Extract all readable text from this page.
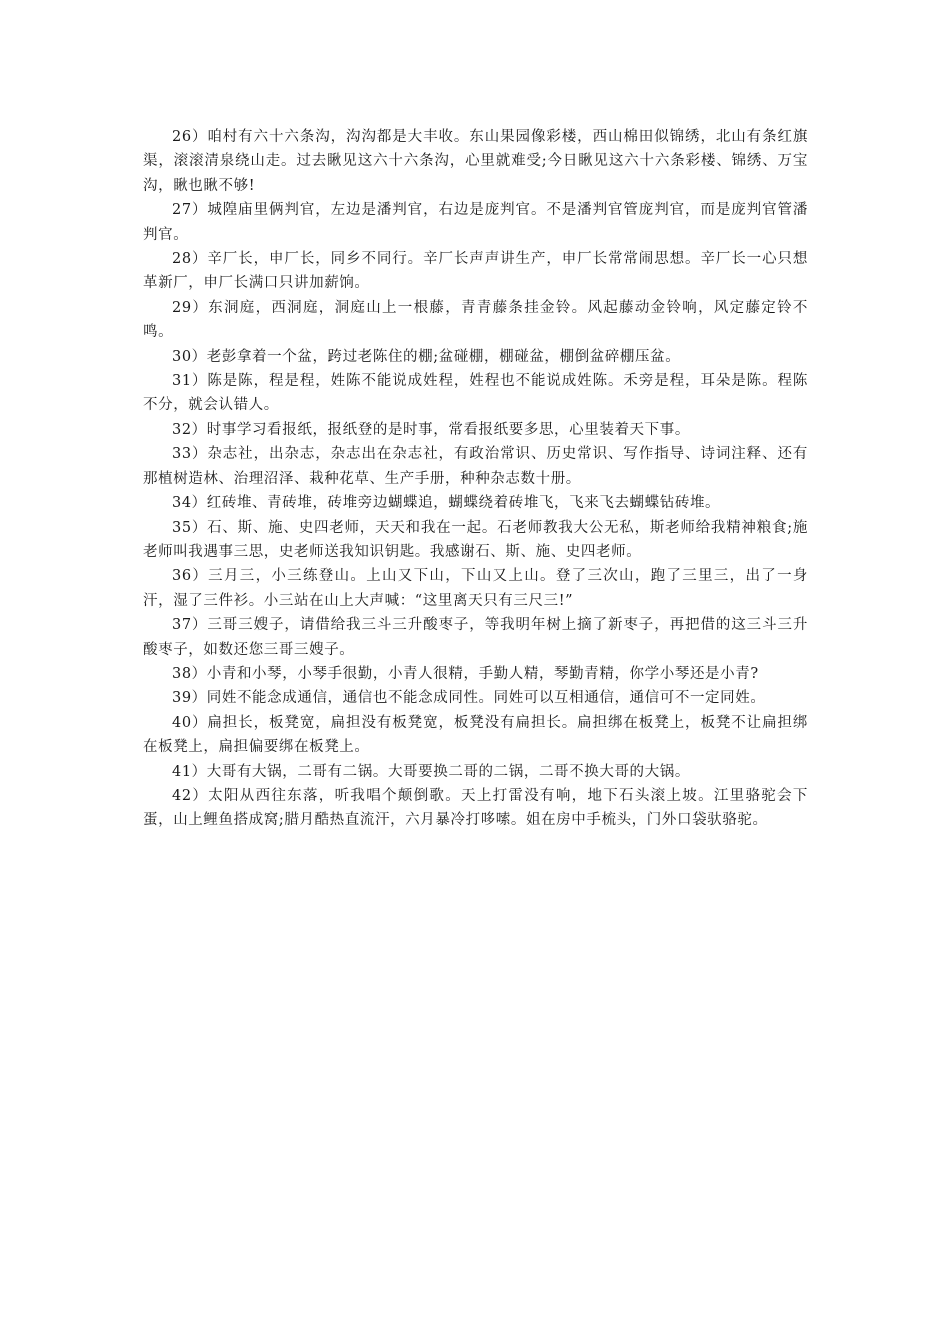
26）咱村有六十六条沟，沟沟都是大丰收。东山果园像彩楼，西山棉田似锦绣，北山有条红旗渠，滚滚清泉绕山走。过去瞅见这六十六条沟，心里就难受;今日瞅见这六十六条彩楼、锦绣、万宝沟，瞅也瞅不够!

27）城隍庙里俩判官，左边是潘判官，右边是庞判官。不是潘判官管庞判官，而是庞判官管潘判官。

28）辛厂长，申厂长，同乡不同行。辛厂长声声讲生产，申厂长常常闹思想。辛厂长一心只想革新厂，申厂长满口只讲加薪饷。

29）东洞庭，西洞庭，洞庭山上一根藤，青青藤条挂金铃。风起藤动金铃响，风定藤定铃不鸣。

30）老彭拿着一个盆，跨过老陈住的棚;盆碰棚，棚碰盆，棚倒盆碎棚压盆。

31）陈是陈，程是程，姓陈不能说成姓程，姓程也不能说成姓陈。禾旁是程，耳朵是陈。程陈不分，就会认错人。

32）时事学习看报纸，报纸登的是时事，常看报纸要多思，心里装着天下事。

33）杂志社，出杂志，杂志出在杂志社，有政治常识、历史常识、写作指导、诗词注释、还有那植树造林、治理沼泽、栽种花草、生产手册，种种杂志数十册。

34）红砖堆、青砖堆，砖堆旁边蝴蝶追，蝴蝶绕着砖堆飞，飞来飞去蝴蝶钻砖堆。

35）石、斯、施、史四老师，天天和我在一起。石老师教我大公无私，斯老师给我精神粮食;施老师叫我遇事三思，史老师送我知识钥匙。我感谢石、斯、施、史四老师。

36）三月三，小三练登山。上山又下山，下山又上山。登了三次山，跑了三里三，出了一身汗，湿了三件衫。小三站在山上大声喊：“这里离天只有三尺三!”

37）三哥三嫂子，请借给我三斗三升酸枣子，等我明年树上摘了新枣子，再把借的这三斗三升酸枣子，如数还您三哥三嫂子。

38）小青和小琴，小琴手很勤，小青人很精，手勤人精，琴勤青精，你学小琴还是小青?

39）同姓不能念成通信，通信也不能念成同性。同姓可以互相通信，通信可不一定同姓。

40）扁担长，板凳宽，扁担没有板凳宽，板凳没有扁担长。扁担绑在板凳上，板凳不让扁担绑在板凳上，扁担偏要绑在板凳上。

41）大哥有大锅，二哥有二锅。大哥要换二哥的二锅，二哥不换大哥的大锅。

42）太阳从西往东落，听我唱个颠倒歌。天上打雷没有响，地下石头滚上坡。江里骆驼会下蛋，山上鲤鱼搭成窝;腊月酷热直流汗，六月暴冷打哆嗦。姐在房中手梳头，门外口袋驮骆驼。
